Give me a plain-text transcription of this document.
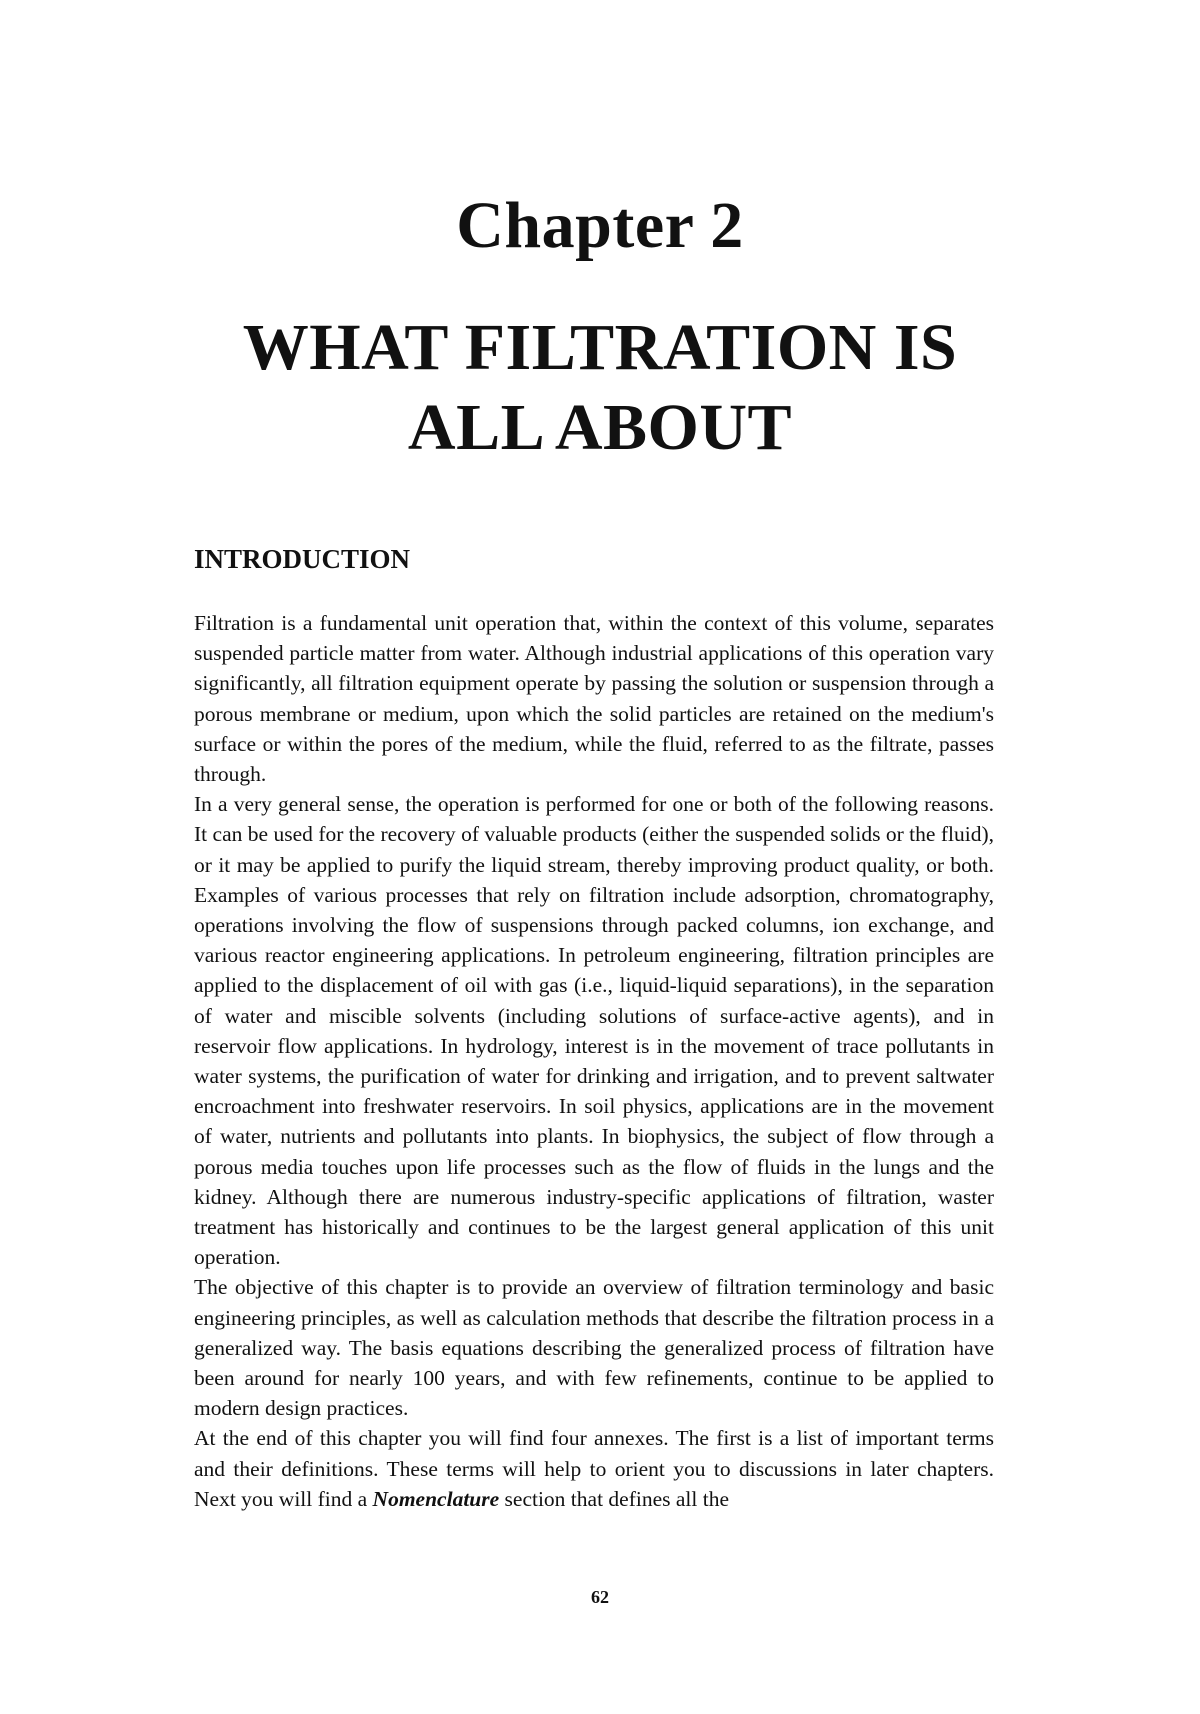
Chapter 2
WHAT FILTRATION IS
ALL ABOUT
INTRODUCTION

Filtration is a fundamental unit operation that, within the context of this volume, separates suspended particle matter from water. Although industrial applications of this operation vary significantly, all filtration equipment operate by passing the solution or suspension through a porous membrane or medium, upon which the solid particles are retained on the medium's surface or within the pores of the medium, while the fluid, referred to as the filtrate, passes through.

In a very general sense, the operation is performed for one or both of the following reasons. It can be used for the recovery of valuable products (either the suspended solids or the fluid), or it may be applied to purify the liquid stream, thereby improving product quality, or both. Examples of various processes that rely on filtration include adsorption, chromatography, operations involving the flow of suspensions through packed columns, ion exchange, and various reactor engineering applications. In petroleum engineering, filtration principles are applied to the displacement of oil with gas (i.e., liquid-liquid separations), in the separation of water and miscible solvents (including solutions of surface-active agents), and in reservoir flow applications. In hydrology, interest is in the movement of trace pollutants in water systems, the purification of water for drinking and irrigation, and to prevent saltwater encroachment into freshwater reservoirs. In soil physics, applications are in the movement of water, nutrients and pollutants into plants. In biophysics, the subject of flow through a porous media touches upon life processes such as the flow of fluids in the lungs and the kidney. Although there are numerous industry-specific applications of filtration, waster treatment has historically and continues to be the largest general application of this unit operation.

The objective of this chapter is to provide an overview of filtration terminology and basic engineering principles, as well as calculation methods that describe the filtration process in a generalized way. The basis equations describing the generalized process of filtration have been around for nearly 100 years, and with few refinements, continue to be applied to modern design practices.

At the end of this chapter you will find four annexes. The first is a list of important terms and their definitions. These terms will help to orient you to discussions in later chapters. Next you will find a Nomenclature section that defines all the

62
